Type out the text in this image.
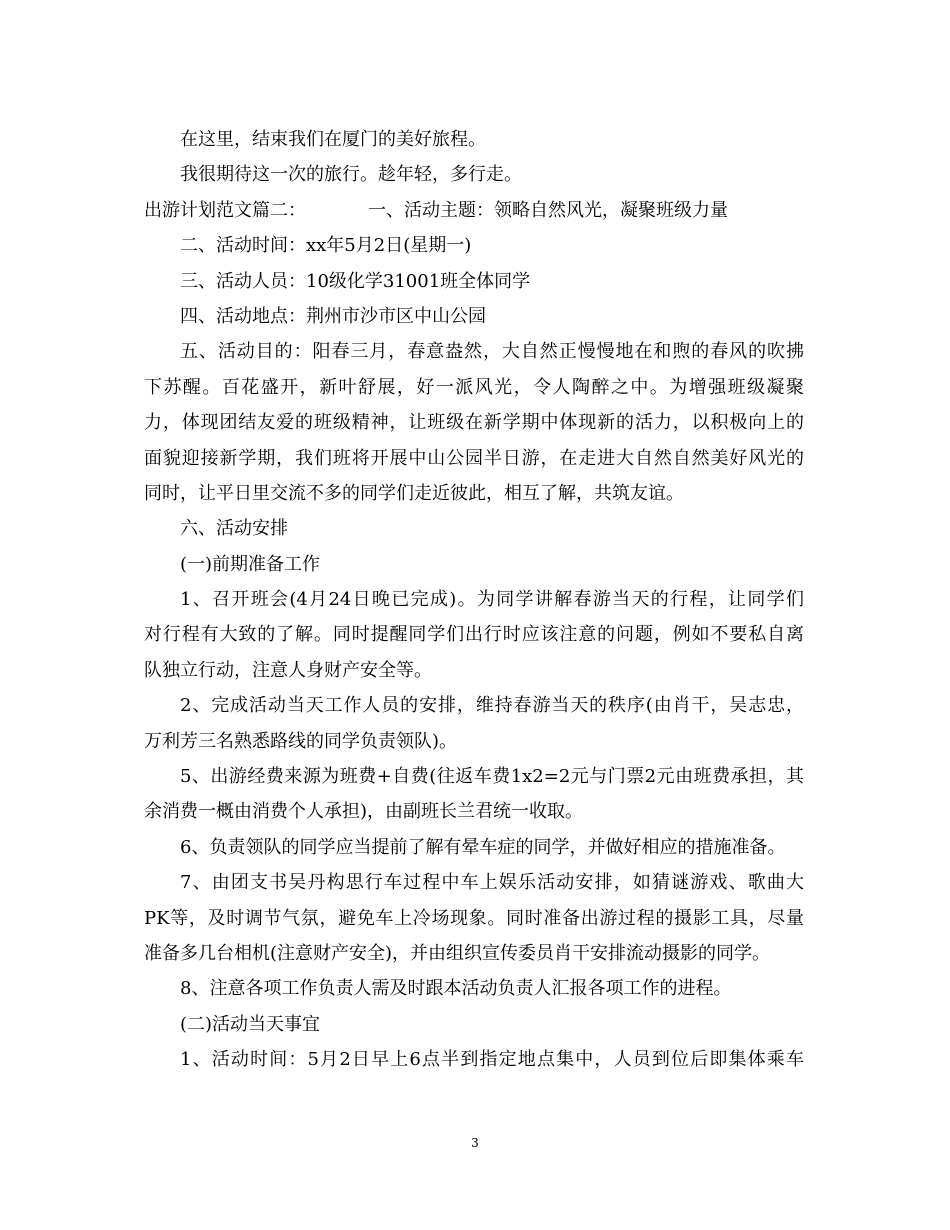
在这里，结束我们在厦门的美好旅程。
我很期待这一次的旅行。趁年轻，多行走。
出游计划范文篇二：	一、活动主题：领略自然风光，凝聚班级力量
二、活动时间：xx年5月2日(星期一)
三、活动人员：10级化学31001班全体同学
四、活动地点：荆州市沙市区中山公园
五、活动目的：阳春三月，春意盎然，大自然正慢慢地在和煦的春风的吹拂
下苏醒。百花盛开，新叶舒展，好一派风光，令人陶醉之中。为增强班级凝聚
力，体现团结友爱的班级精神，让班级在新学期中体现新的活力，以积极向上的
面貌迎接新学期，我们班将开展中山公园半日游，在走进大自然自然美好风光的
同时，让平日里交流不多的同学们走近彼此，相互了解，共筑友谊。
六、活动安排
(一)前期准备工作
1、召开班会(4月24日晚已完成)。为同学讲解春游当天的行程，让同学们
对行程有大致的了解。同时提醒同学们出行时应该注意的问题，例如不要私自离
队独立行动，注意人身财产安全等。
2、完成活动当天工作人员的安排，维持春游当天的秩序(由肖干，吴志忠，
万利芳三名熟悉路线的同学负责领队)。
5、出游经费来源为班费+自费(往返车费1x2=2元与门票2元由班费承担，其
余消费一概由消费个人承担)，由副班长兰君统一收取。
6、负责领队的同学应当提前了解有晕车症的同学，并做好相应的措施准备。
7、由团支书吴丹构思行车过程中车上娱乐活动安排，如猜谜游戏、歌曲大
PK等，及时调节气氛，避免车上冷场现象。同时准备出游过程的摄影工具，尽量
准备多几台相机(注意财产安全)，并由组织宣传委员肖干安排流动摄影的同学。
8、注意各项工作负责人需及时跟本活动负责人汇报各项工作的进程。
(二)活动当天事宜
1、活动时间：5月2日早上6点半到指定地点集中，人员到位后即集体乘车
3
